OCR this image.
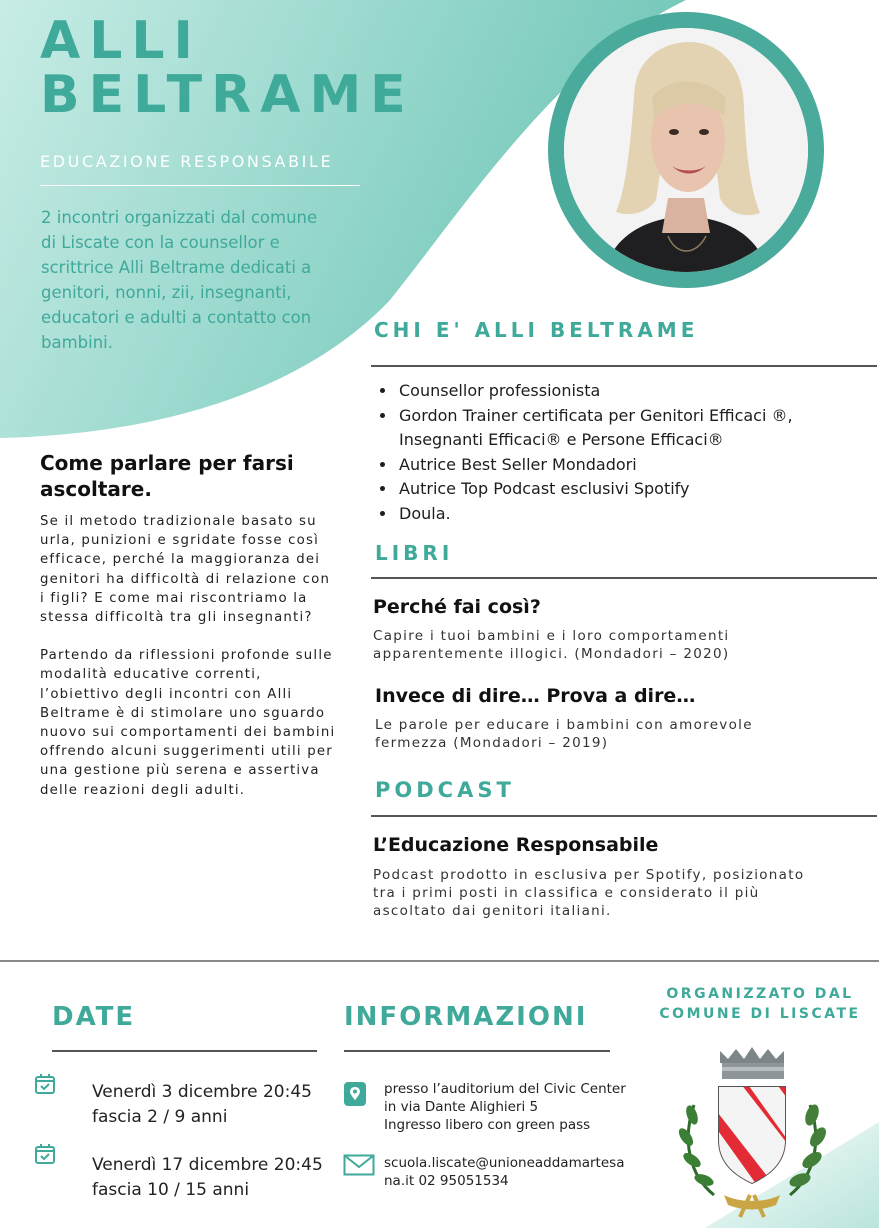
ALLI
BELTRAME
EDUCAZIONE RESPONSABILE
2 incontri organizzati dal comune di Liscate con la counsellor e scrittrice Alli Beltrame dedicati a genitori, nonni, zii, insegnanti, educatori e adulti a contatto con bambini.
CHI E' ALLI BELTRAME
• Counsellor professionista
• Gordon Trainer certificata per Genitori Efficaci ®, Insegnanti Efficaci® e Persone Efficaci®
• Autrice Best Seller Mondadori
• Autrice Top Podcast esclusivi Spotify
• Doula.
LIBRI
Perché fai così?
Capire i tuoi bambini e i loro comportamenti apparentemente illogici. (Mondadori – 2020)
Invece di dire… Prova a dire…
Le parole per educare i bambini con amorevole fermezza (Mondadori – 2019)
PODCAST
L’Educazione Responsabile
Podcast prodotto in esclusiva per Spotify, posizionato tra i primi posti in classifica e considerato il più ascoltato dai genitori italiani.
Come parlare per farsi ascoltare.

Se il metodo tradizionale basato su urla, punizioni e sgridate fosse così efficace, perché la maggioranza dei genitori ha difficoltà di relazione con i figli? E come mai riscontriamo la stessa difficoltà tra gli insegnanti?

Partendo da riflessioni profonde sulle modalità educative correnti, l’obiettivo degli incontri con Alli Beltrame è di stimolare uno sguardo nuovo sui comportamenti dei bambini offrendo alcuni suggerimenti utili per una gestione più serena e assertiva delle reazioni degli adulti.

DATE
Venerdì 3 dicembre 20:45
fascia 2 / 9 anni
Venerdì 17 dicembre 20:45
fascia 10 / 15 anni
INFORMAZIONI
presso l’auditorium del Civic Center
in via Dante Alighieri 5
Ingresso libero con green pass
scuola.liscate@unioneaddamartesa
na.it 02 95051534
ORGANIZZATO DAL
COMUNE DI LISCATE
